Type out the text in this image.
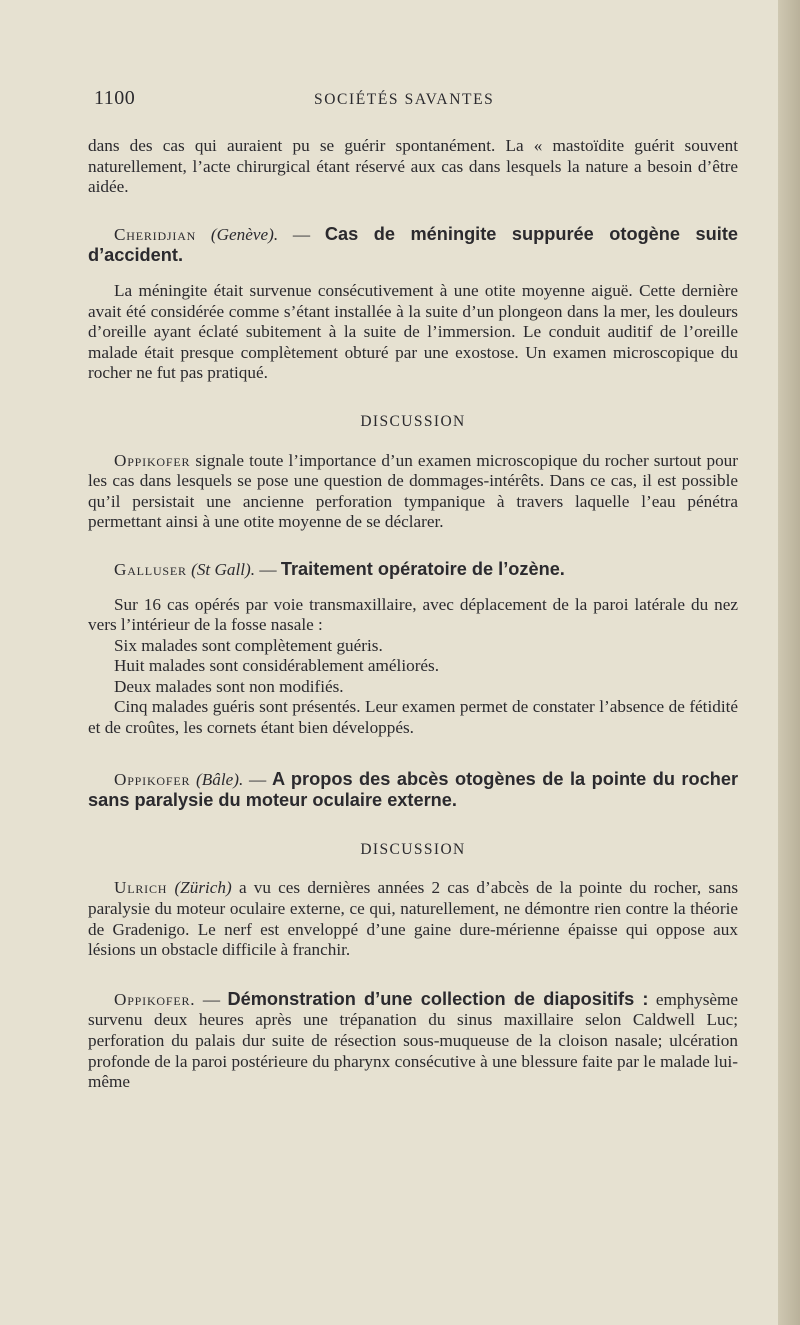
1100	SOCIÉTÉS SAVANTES

dans des cas qui auraient pu se guérir spontanément. La « mastoïdite guérit souvent naturellement, l’acte chirurgical étant réservé aux cas dans lesquels la nature a besoin d’être aidée.

Cheridjian (Genève). — Cas de méningite suppurée otogène suite d’accident.

La méningite était survenue consécutivement à une otite moyenne aiguë. Cette dernière avait été considérée comme s’étant installée à la suite d’un plongeon dans la mer, les douleurs d’oreille ayant éclaté subitement à la suite de l’immersion. Le conduit auditif de l’oreille malade était presque complètement obturé par une exostose. Un examen microscopique du rocher ne fut pas pratiqué.

DISCUSSION

Oppikofer signale toute l’importance d’un examen microscopique du rocher surtout pour les cas dans lesquels se pose une question de dommages-intérêts. Dans ce cas, il est possible qu’il persistait une ancienne perforation tympanique à travers laquelle l’eau pénétra permettant ainsi à une otite moyenne de se déclarer.

Galluser (St Gall). — Traitement opératoire de l’ozène.

Sur 16 cas opérés par voie transmaxillaire, avec déplacement de la paroi latérale du nez vers l’intérieur de la fosse nasale :

Six malades sont complètement guéris.
Huit malades sont considérablement améliorés.
Deux malades sont non modifiés.

Cinq malades guéris sont présentés. Leur examen permet de constater l’absence de fétidité et de croûtes, les cornets étant bien développés.

Oppikofer (Bâle). — A propos des abcès otogènes de la pointe du rocher sans paralysie du moteur oculaire externe.

DISCUSSION

Ulrich (Zürich) a vu ces dernières années 2 cas d’abcès de la pointe du rocher, sans paralysie du moteur oculaire externe, ce qui, naturellement, ne démontre rien contre la théorie de Gradenigo. Le nerf est enveloppé d’une gaine dure-mérienne épaisse qui oppose aux lésions un obstacle difficile à franchir.

Oppikofer. — Démonstration d’une collection de diapositifs : emphysème survenu deux heures après une trépanation du sinus maxillaire selon Caldwell Luc; perforation du palais dur suite de résection sous-muqueuse de la cloison nasale; ulcération profonde de la paroi postérieure du pharynx consécutive à une blessure faite par le malade lui-même
